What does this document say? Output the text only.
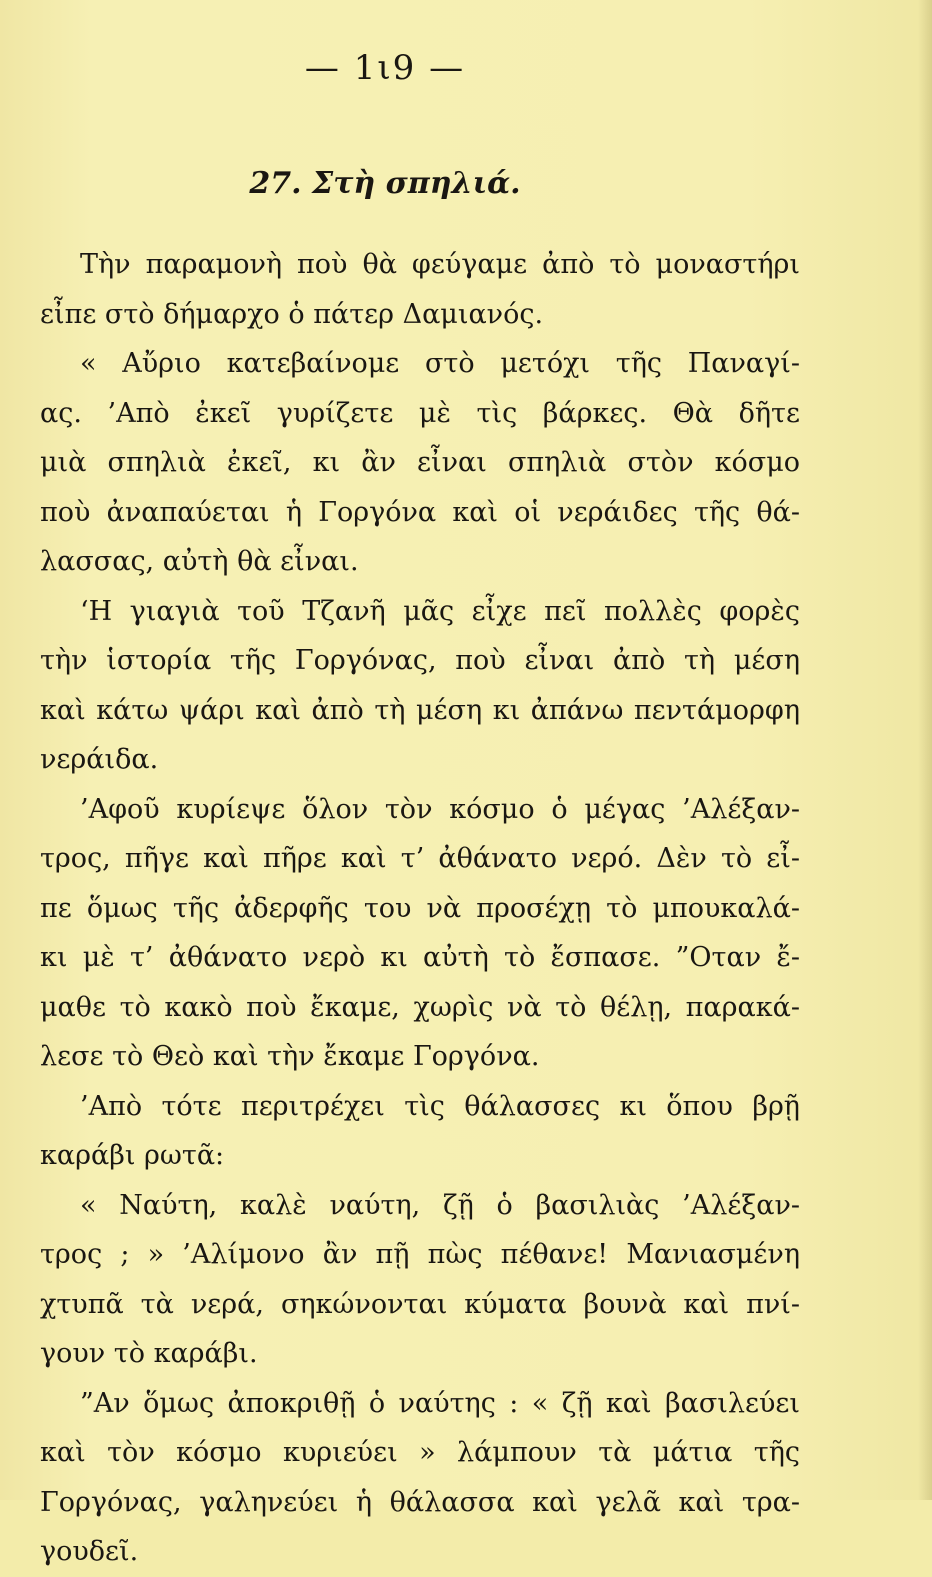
— 1ι9 —
27. Στὴ σπηλιά.
Τὴν παραμονὴ πoὺ θὰ φεύγαμε ἀπὸ τὸ μοναστήρι
εἶπε στὸ δήμαρχο ὁ πάτερ Δαμιανός.
« Αὔριο κατεβαίνομε στὸ μετόχι τῆς Παναγί-
ας. ’Aπὸ ἐκεῖ γυρίζετε μὲ τὶς βάρκες. Θὰ δῆτε
μιὰ σπηλιὰ ἐκεῖ, κι ἂν εἶναι σπηλιὰ στὸν κόσμο
πoὺ ἀναπαύεται ἡ Γοργόνα καὶ οἱ νεράιδες τῆς θά-
λασσας, αὐτὴ θὰ εἶναι.
‘H γιαγιὰ τοῦ Τζανῆ μᾶς εἶχε πεῖ πολλὲς φορὲς
τὴν ἱστορία τῆς Γοργόνας, πoὺ εἶναι ἀπὸ τὴ μέση
καὶ κάτω ψάρι καὶ ἀπὸ τὴ μέση κι ἀπάνω πεντάμορφη
νεράιδα.
’Aφοῦ κυρίεψε ὅλον τὸν κόσμο ὁ μέγας ’Aλέξαν-
τρος, πῆγε καὶ πῆρε καὶ τ’ ἀθάνατο νερό. Δὲν τὸ εἶ-
πε ὅμως τῆς ἀδερφῆς του νὰ προσέχῃ τὸ μπουκαλά-
κι μὲ τ’ ἀθάνατο νερὸ κι αὐτὴ τὸ ἔσπασε. ”Oταν ἔ-
μαθε τὸ κακὸ πoὺ ἔκαμε, χωρὶς νὰ τὸ θέλῃ, παρακά-
λεσε τὸ Θεὸ καὶ τὴν ἔκαμε Γοργόνα.
’Aπὸ τότε περιτρέχει τὶς θάλασσες κι ὅπου βρῇ
καράβι ρωτᾶ:
« Ναύτη, καλὲ ναύτη, ζῇ ὁ βασιλιὰς ’Aλέξαν-
τρος ; » ’Aλίμονο ἂν πῇ πὼς πέθανε! Μανιασμένη
χτυπᾶ τὰ νερά, σηκώνονται κύματα βουνὰ καὶ πνί-
γουν τὸ καράβι.
”Aν ὅμως ἀποκριθῇ ὁ ναύτης : « ζῇ καὶ βασιλεύει
καὶ τὸν κόσμο κυριεύει » λάμπουν τὰ μάτια τῆς
Γοργόνας, γαληνεύει ἡ θάλασσα καὶ γελᾶ καὶ τρα-
γουδεῖ.
